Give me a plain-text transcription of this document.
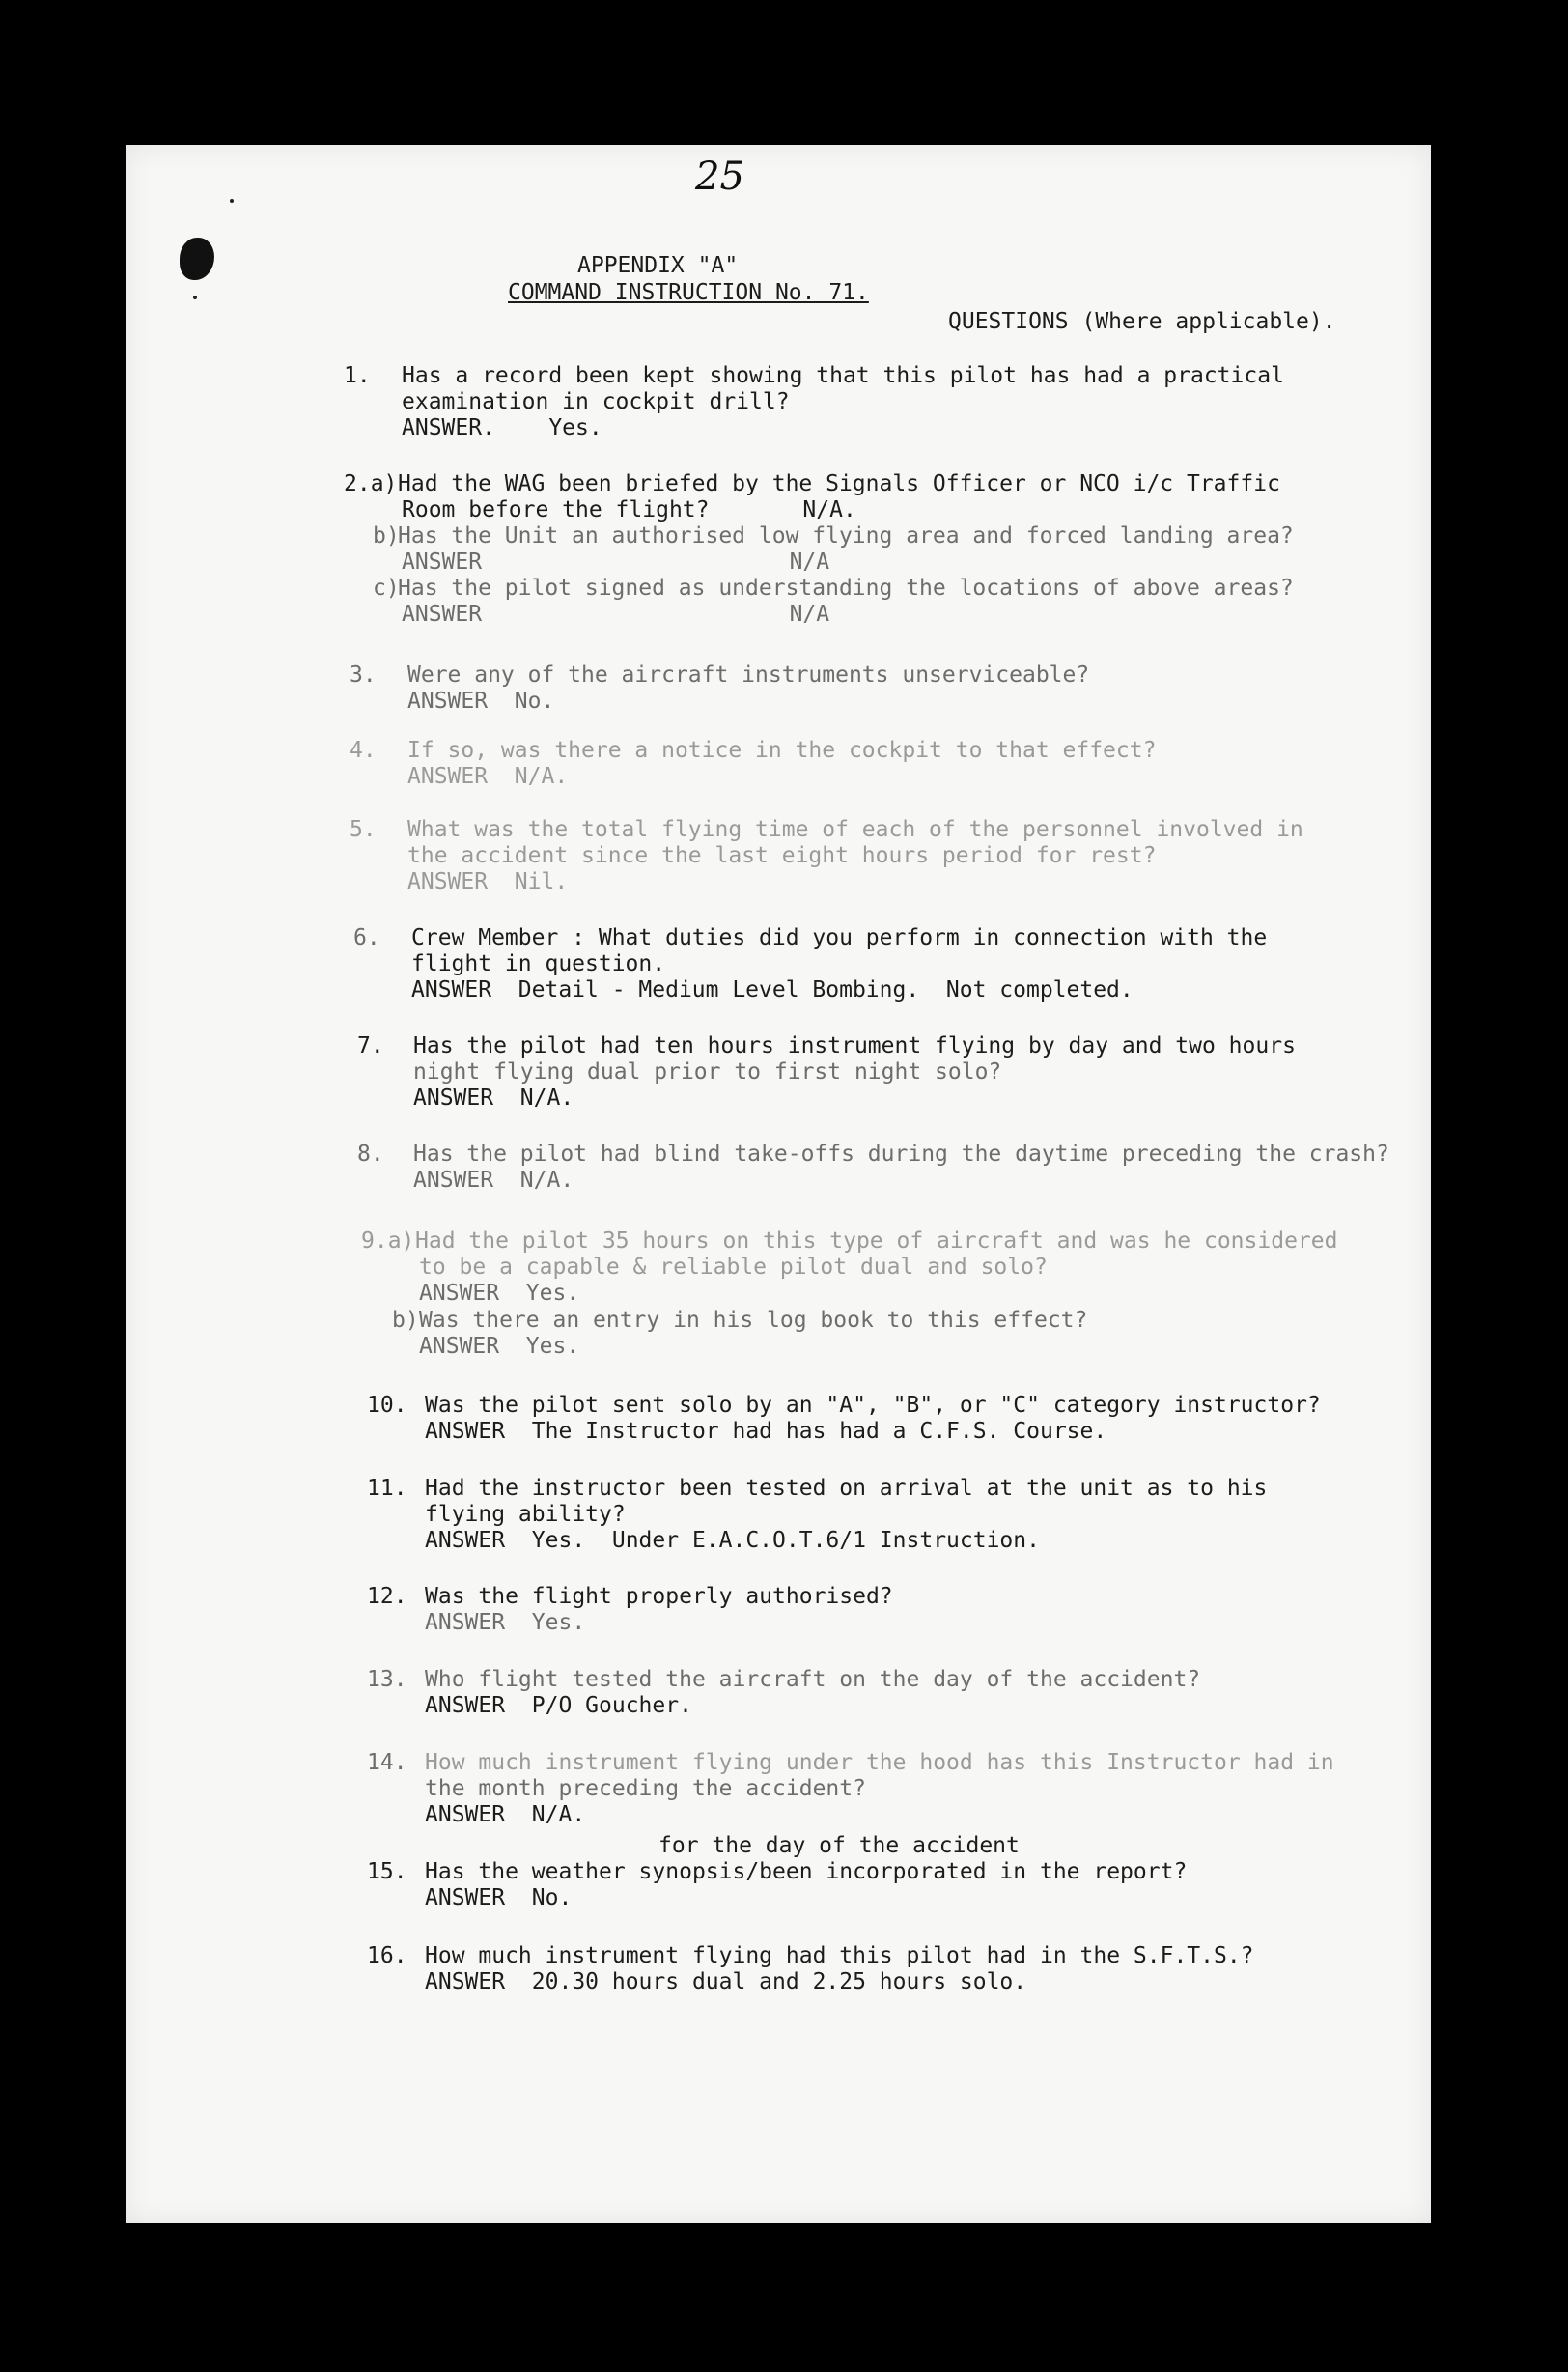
25
APPENDIX "A"
COMMAND INSTRUCTION No. 71.
QUESTIONS (Where applicable).
1. Has a record been kept showing that this pilot has had a practical
examination in cockpit drill?
ANSWER.    Yes.
2.a) Had the WAG been briefed by the Signals Officer or NCO i/c Traffic
Room before the flight?       N/A.
b)
Has the Unit an authorised low flying area and forced landing area?
ANSWER                       N/A
c)
Has the pilot signed as understanding the locations of above areas?
ANSWER                       N/A
3. Were any of the aircraft instruments unserviceable?
ANSWER  No.
4. If so, was there a notice in the cockpit to that effect?
ANSWER  N/A.
5. What was the total flying time of each of the personnel involved in
the accident since the last eight hours period for rest?
ANSWER  Nil.
6. Crew Member : What duties did you perform in connection with the
flight in question.
ANSWER  Detail - Medium Level Bombing.  Not completed.
7. Has the pilot had ten hours instrument flying by day and two hours
night flying dual prior to first night solo?
ANSWER  N/A.
8. Has the pilot had blind take-offs during the daytime preceding the crash?
ANSWER  N/A.
9.a) Had the pilot 35 hours on this type of aircraft and was he considered
to be a capable & reliable pilot dual and solo?
ANSWER  Yes.
b) Was there an entry in his log book to this effect?
ANSWER  Yes.
10. Was the pilot sent solo by an "A", "B", or "C" category instructor?
ANSWER  The Instructor had has had a C.F.S. Course.
11. Had the instructor been tested on arrival at the unit as to his
flying ability?
ANSWER  Yes.  Under E.A.C.O.T.6/1 Instruction.
12. Was the flight properly authorised?
ANSWER  Yes.
13. Who flight tested the aircraft on the day of the accident?
ANSWER  P/O Goucher.
14. How much instrument flying under the hood has this Instructor had in
the month preceding the accident?
ANSWER  N/A.
for the day of the accident
15. Has the weather synopsis/been incorporated in the report?
ANSWER  No.
16. How much instrument flying had this pilot had in the S.F.T.S.?
ANSWER  20.30 hours dual and 2.25 hours solo.
